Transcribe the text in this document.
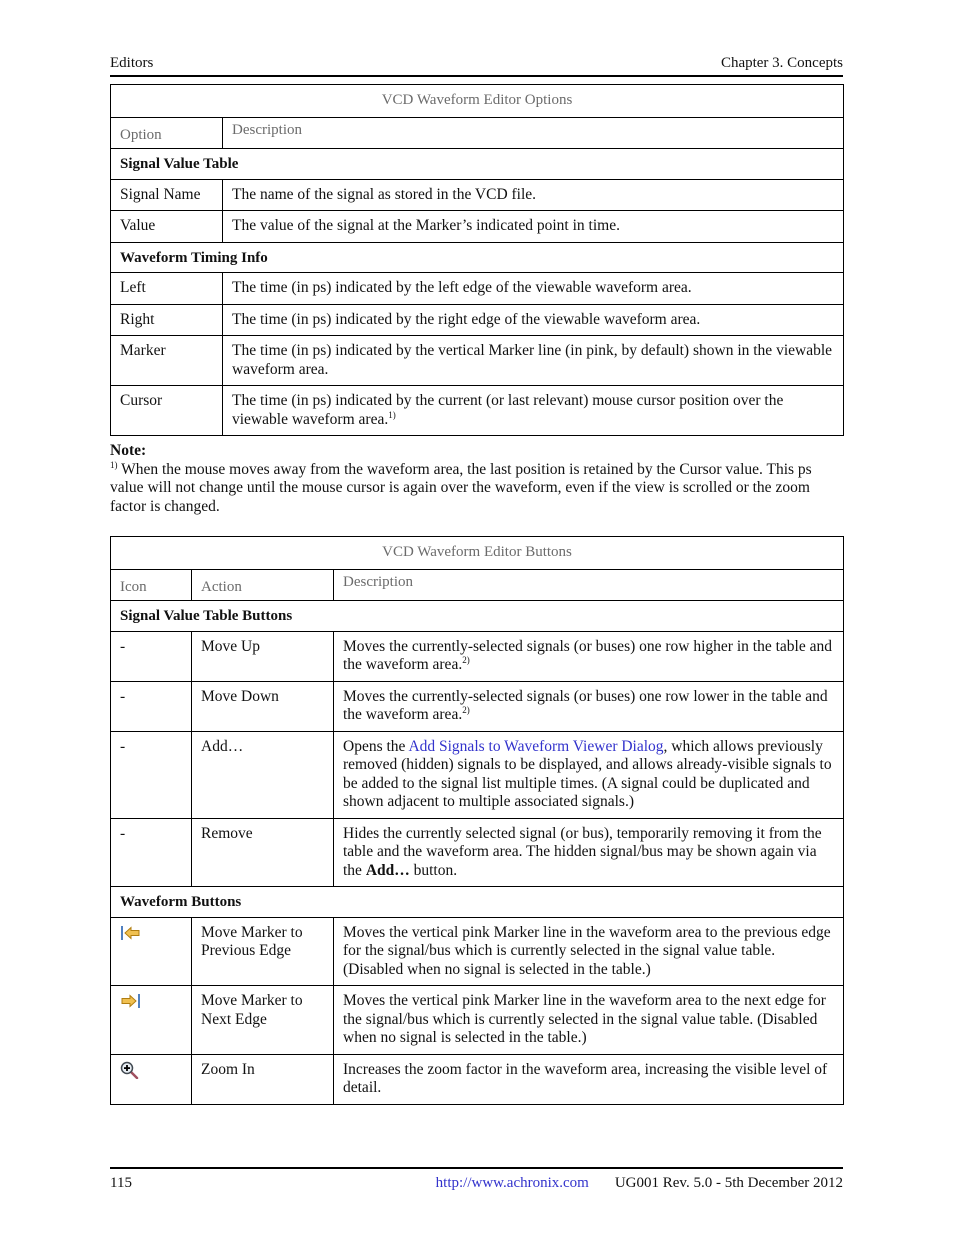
Editors	Chapter 3. Concepts
VCD Waveform Editor Options	
Option	Description
Signal Value Table	
Signal Name	The name of the signal as stored in the VCD file.
Value	The value of the signal at the Marker’s indicated point in time.
Waveform Timing Info	
Left	The time (in ps) indicated by the left edge of the viewable waveform area.
Right	The time (in ps) indicated by the right edge of the viewable waveform area.
Marker	The time (in ps) indicated by the vertical Marker line (in pink, by default) shown in the viewable waveform area.
Cursor	The time (in ps) indicated by the current (or last relevant) mouse cursor position over the viewable waveform area.$^{1)}$
Note:
$^{1)}$ When the mouse moves away from the waveform area, the last position is retained by the Cursor value. This ps value will not change until the mouse cursor is again over the waveform, even if the view is scrolled or the zoom factor is changed.
VCD Waveform Editor Buttons		
Icon	Action	Description
Signal Value Table Buttons		
-	Move Up	Moves the currently-selected signals (or buses) one row higher in the table and the waveform area.$^{2)}$
-	Move Down	Moves the currently-selected signals (or buses) one row lower in the table and the waveform area.$^{2)}$
-	Add…	Opens the Add Signals to Waveform Viewer Dialog, which allows previously removed (hidden) signals to be displayed, and allows already-visible signals to be added to the signal list multiple times. (A signal could be duplicated and shown adjacent to multiple associated signals.)
-	Remove	Hides the currently selected signal (or bus), temporarily removing it from the table and the waveform area. The hidden signal/bus may be shown again via the Add… button.
Waveform Buttons		

	Move Marker to Previous Edge	Moves the vertical pink Marker line in the waveform area to the previous edge for the signal/bus which is currently selected in the signal value table. (Disabled when no signal is selected in the table.)

	Move Marker to Next Edge	Moves the vertical pink Marker line in the waveform area to the next edge for the signal/bus which is currently selected in the signal value table. (Disabled when no signal is selected in the table.)

	Zoom In	Increases the zoom factor in the waveform area, increasing the visible level of detail.
115	http://www.achronix.com UG001 Rev. 5.0 - 5th December 2012
